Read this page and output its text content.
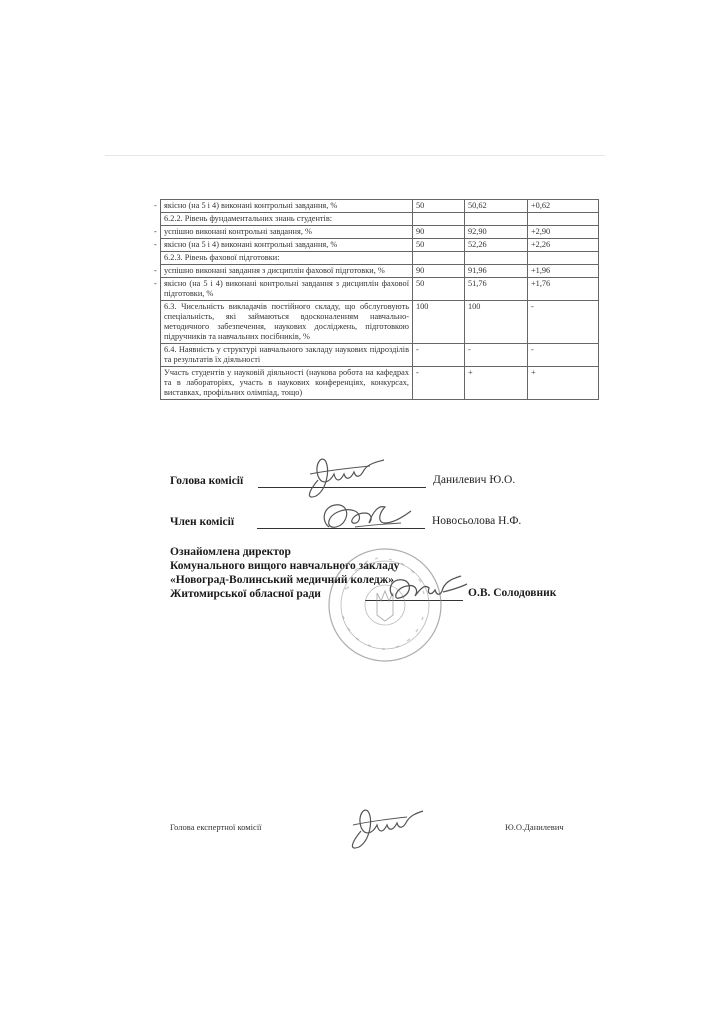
- якісно (на 5 і 4) виконані контрольні завдання, %	50	50,62	+0,62
6.2.2. Рівень фундаментальних знань студентів:			
- успішно виконані контрольні завдання, %	90	92,90	+2,90
- якісно (на 5 і 4) виконані контрольні завдання, %	50	52,26	+2,26
6.2.3. Рівень фахової підготовки:			
- успішно виконані завдання з дисциплін фахової підготовки, %	90	91,96	+1,96
- якісно (на 5 і 4) виконані контрольні завдання з дисциплін фахової підготовки, %	50	51,76	+1,76
6.3. Чисельність викладачів постійного складу, що обслуговують спеціальність, які займаються вдосконаленням навчально-методичного забезпечення, наукових досліджень, підготовкою підручників та навчальних посібників, %	100	100	-
6.4. Наявність у структурі навчального закладу наукових підрозділів та результатів їх діяльності	-	-	-
Участь студентів у науковій діяльності (наукова робота на кафедрах та в лабораторіях, участь в наукових конференціях, конкурсах, виставках, профільних олімпіад, тощо)	-	+	+
Голова комісії	Данилевич Ю.О.
Член комісії	Новосьолова Н.Ф.
Ознайомлена директор
Комунального вищого навчального закладу
«Новоград-Волинський медичний коледж»
Житомирської обласної ради	О.В. Солодовник
Голова експертної комісії	Ю.О.Данилевич
